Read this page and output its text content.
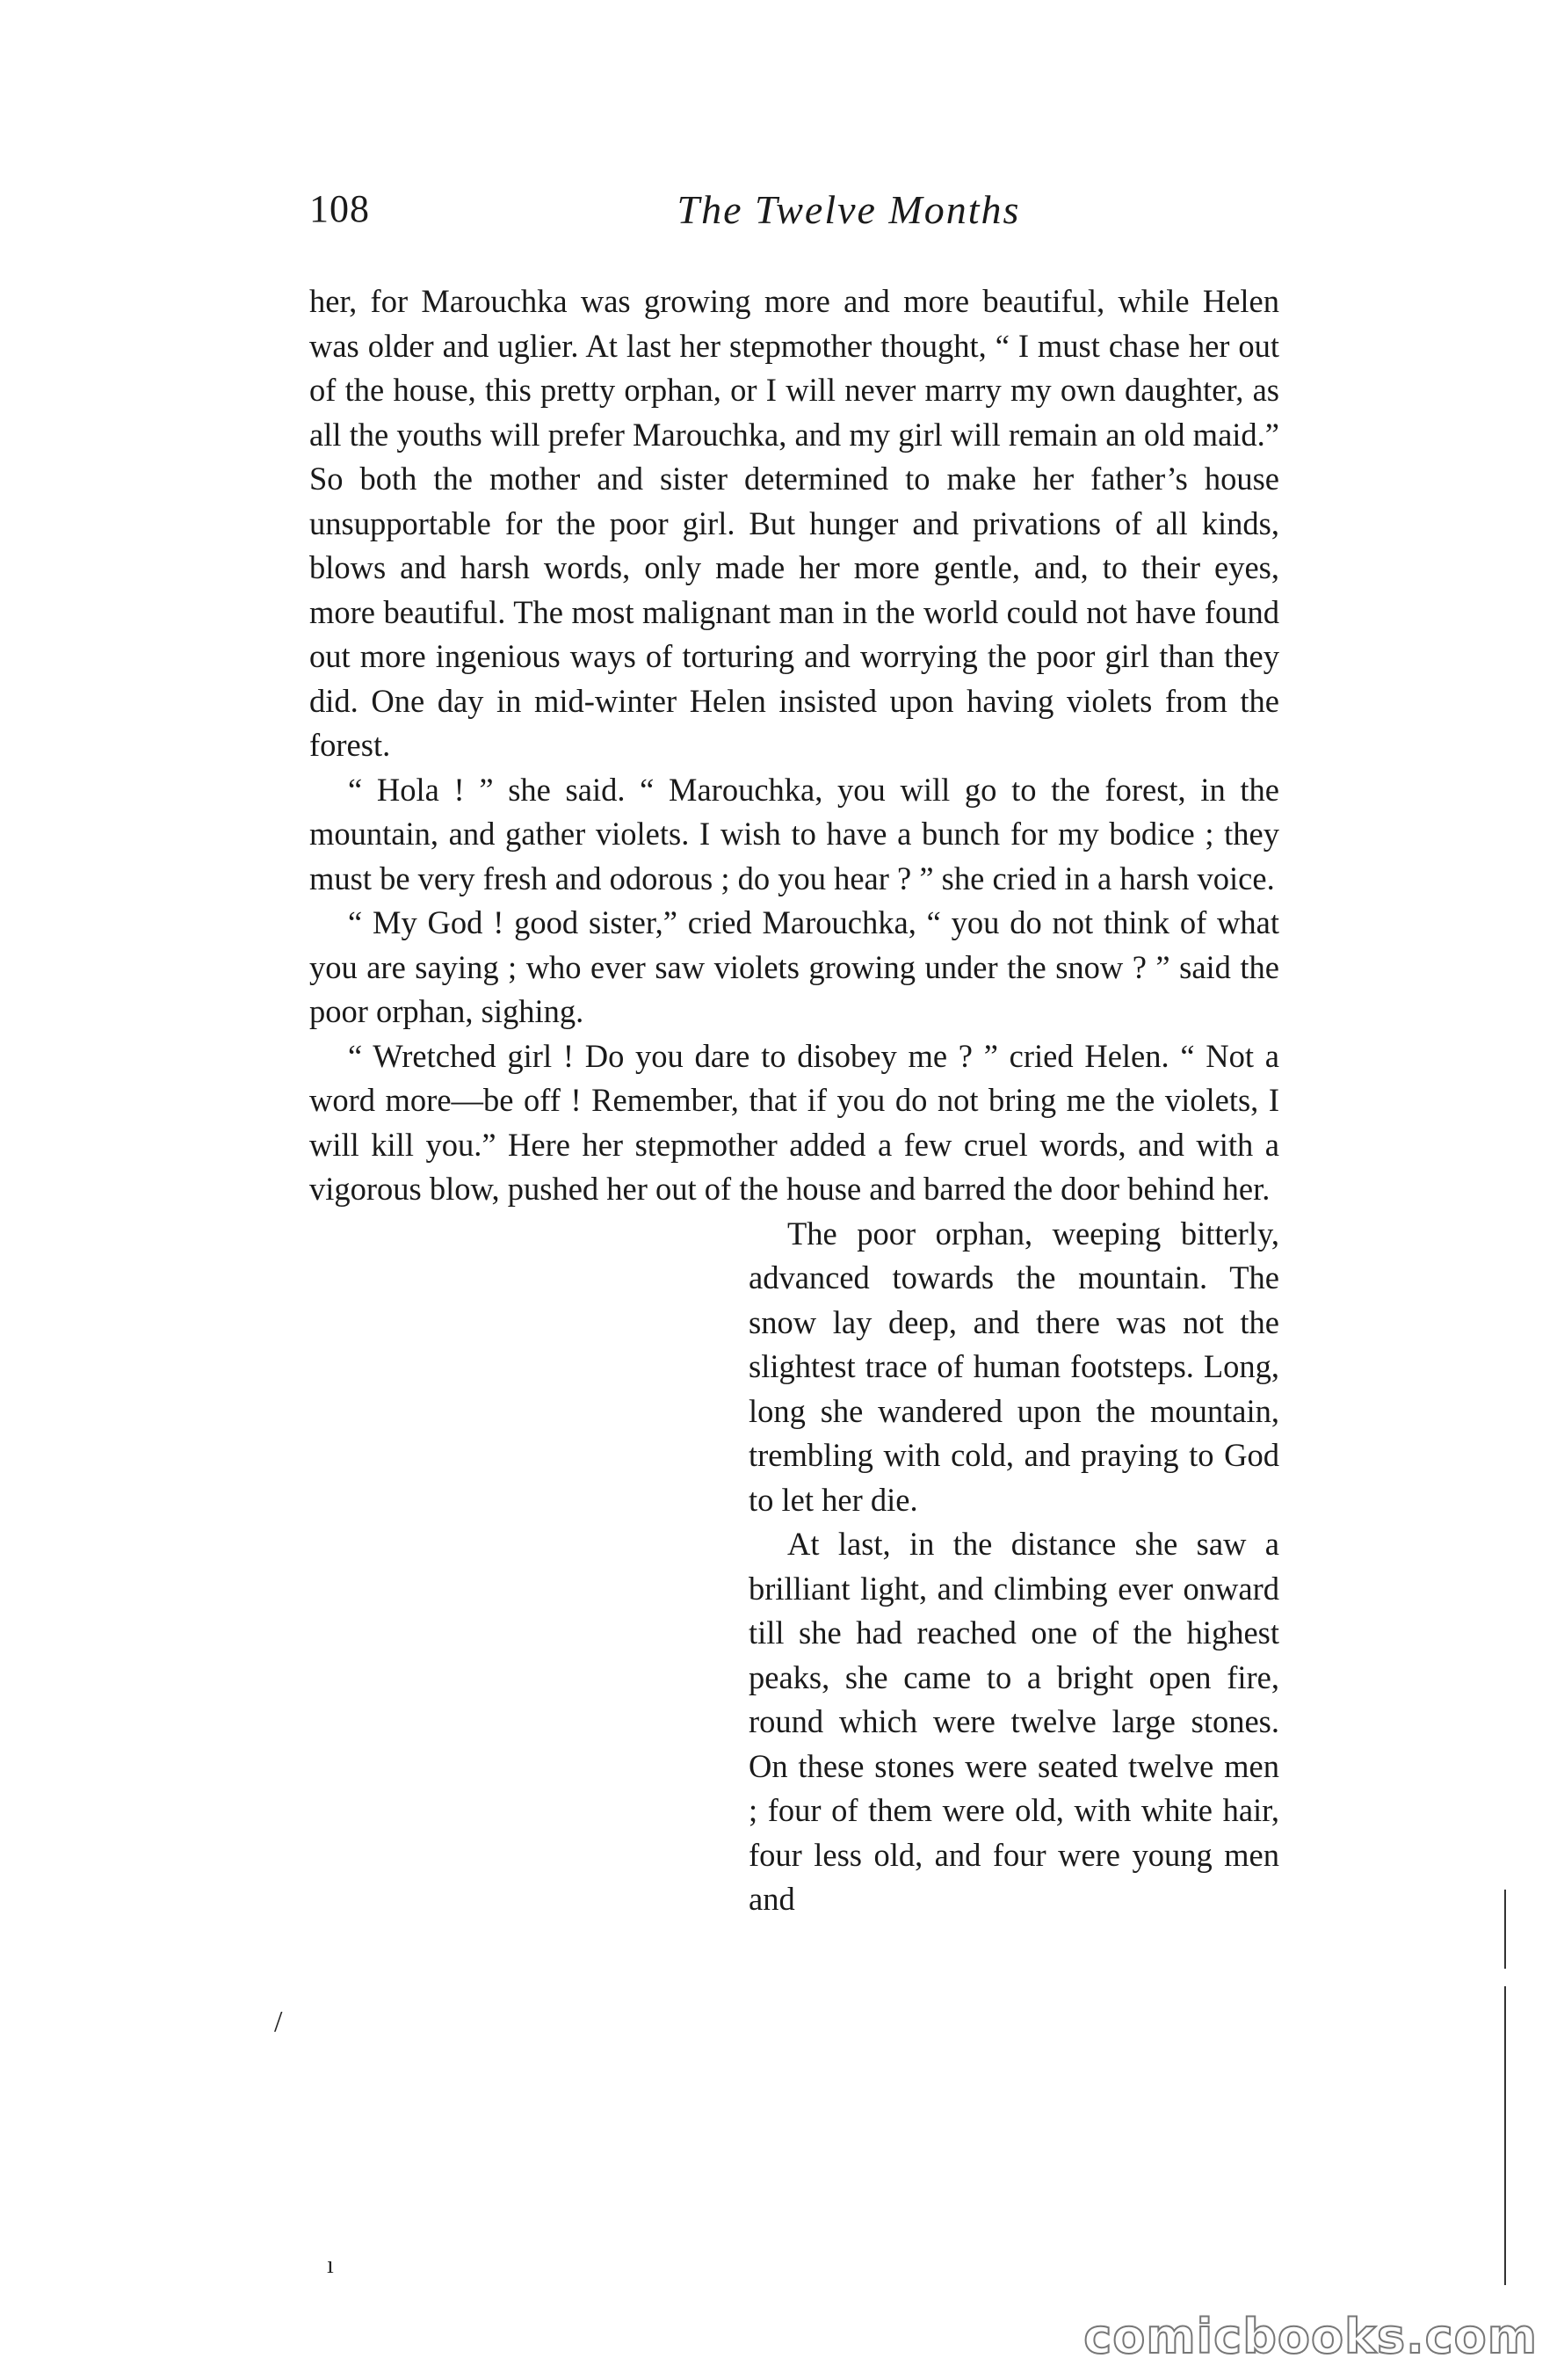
108	The Twelve Months

her, for Marouchka was growing more and more beautiful, while Helen was older and uglier. At last her stepmother thought, “ I must chase her out of the house, this pretty orphan, or I will never marry my own daughter, as all the youths will prefer Marouchka, and my girl will remain an old maid.” So both the mother and sister determined to make her father’s house unsupportable for the poor girl. But hunger and privations of all kinds, blows and harsh words, only made her more gentle, and, to their eyes, more beautiful. The most malignant man in the world could not have found out more ingenious ways of torturing and worrying the poor girl than they did. One day in mid-winter Helen insisted upon having violets from the forest.

“ Hola ! ” she said. “ Marouchka, you will go to the forest, in the mountain, and gather violets. I wish to have a bunch for my bodice ; they must be very fresh and odorous ; do you hear ? ” she cried in a harsh voice.

“ My God ! good sister,” cried Marouchka, “ you do not think of what you are saying ; who ever saw violets growing under the snow ? ” said the poor orphan, sighing.

“ Wretched girl ! Do you dare to disobey me ? ” cried Helen. “ Not a word more—be off ! Remember, that if you do not bring me the violets, I will kill you.” Here her stepmother added a few cruel words, and with a vigorous blow, pushed her out of the house and barred the door behind her.

The poor orphan, weeping bitterly, advanced towards the mountain. The snow lay deep, and there was not the slightest trace of human footsteps. Long, long she wandered upon the mountain, trembling with cold, and praying to God to let her die.

At last, in the distance she saw a brilliant light, and climbing ever onward till she had reached one of the highest peaks, she came to a bright open fire, round which were twelve large stones. On these stones were seated twelve men ; four of them were old, with white hair, four less old, and four were young men and

/
ı
comicbooks.com
